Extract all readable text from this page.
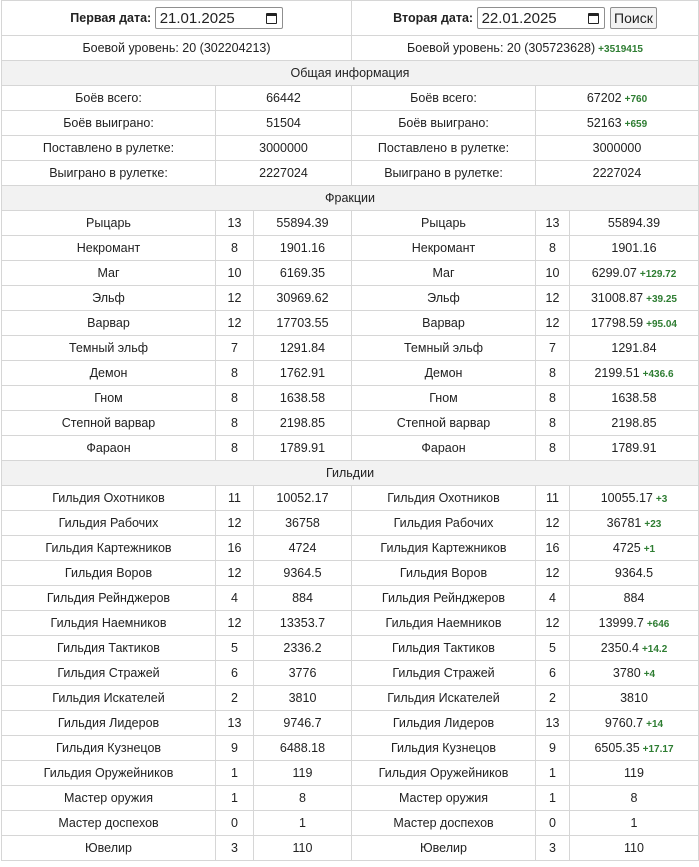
Первая дата: 21.01.2025			Вторая дата: 22.01.2025 Поиск		
Боевой уровень: 20 (302204213)			Боевой уровень: 20 (305723628) +3519415		
Общая информация					
Боёв всего:	66442		Боёв всего:	67202 +760	
Боёв выиграно:	51504		Боёв выиграно:	52163 +659	
Поставлено в рулетке:	3000000		Поставлено в рулетке:	3000000	
Выиграно в рулетке:	2227024		Выиграно в рулетке:	2227024	
Фракции					
Рыцарь	13	55894.39	Рыцарь	13	55894.39
Некромант	8	1901.16	Некромант	8	1901.16
Маг	10	6169.35	Маг	10	6299.07 +129.72
Эльф	12	30969.62	Эльф	12	31008.87 +39.25
Варвар	12	17703.55	Варвар	12	17798.59 +95.04
Темный эльф	7	1291.84	Темный эльф	7	1291.84
Демон	8	1762.91	Демон	8	2199.51 +436.6
Гном	8	1638.58	Гном	8	1638.58
Степной варвар	8	2198.85	Степной варвар	8	2198.85
Фараон	8	1789.91	Фараон	8	1789.91
Гильдии					
Гильдия Охотников	11	10052.17	Гильдия Охотников	11	10055.17 +3
Гильдия Рабочих	12	36758	Гильдия Рабочих	12	36781 +23
Гильдия Картежников	16	4724	Гильдия Картежников	16	4725 +1
Гильдия Воров	12	9364.5	Гильдия Воров	12	9364.5
Гильдия Рейнджеров	4	884	Гильдия Рейнджеров	4	884
Гильдия Наемников	12	13353.7	Гильдия Наемников	12	13999.7 +646
Гильдия Тактиков	5	2336.2	Гильдия Тактиков	5	2350.4 +14.2
Гильдия Стражей	6	3776	Гильдия Стражей	6	3780 +4
Гильдия Искателей	2	3810	Гильдия Искателей	2	3810
Гильдия Лидеров	13	9746.7	Гильдия Лидеров	13	9760.7 +14
Гильдия Кузнецов	9	6488.18	Гильдия Кузнецов	9	6505.35 +17.17
Гильдия Оружейников	1	119	Гильдия Оружейников	1	119
Мастер оружия	1	8	Мастер оружия	1	8
Мастер доспехов	0	1	Мастер доспехов	0	1
Ювелир	3	110	Ювелир	3	110
